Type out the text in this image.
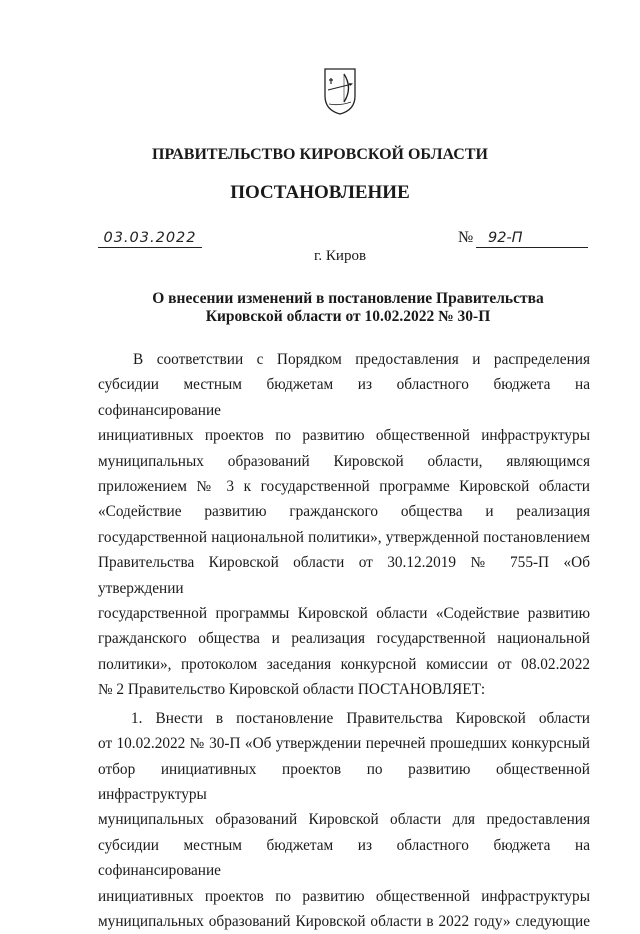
ПРАВИТЕЛЬСТВО КИРОВСКОЙ ОБЛАСТИ
ПОСТАНОВЛЕНИЕ
03.03.2022	№	92-П
г. Киров
О внесении изменений в постановление Правительства
Кировской области от 10.02.2022 № 30-П

В соответствии с Порядком предоставления и распределения

субсидии местным бюджетам из областного бюджета на софинансирование

инициативных проектов по развитию общественной инфраструктуры

муниципальных образований Кировской области, являющимся

приложением № 3 к государственной программе Кировской области

«Содействие развитию гражданского общества и реализация

государственной национальной политики», утвержденной постановлением

Правительства Кировской области от 30.12.2019 № 755-П «Об утверждении

государственной программы Кировской области «Содействие развитию

гражданского общества и реализация государственной национальной

политики», протоколом заседания конкурсной комиссии от 08.02.2022

№ 2 Правительство Кировской области ПОСТАНОВЛЯЕТ:

1. Внести в постановление Правительства Кировской области

от 10.02.2022 № 30-П «Об утверждении перечней прошедших конкурсный

отбор инициативных проектов по развитию общественной инфраструктуры

муниципальных образований Кировской области для предоставления

субсидии местным бюджетам из областного бюджета на софинансирование

инициативных проектов по развитию общественной инфраструктуры

муниципальных образований Кировской области в 2022 году» следующие
